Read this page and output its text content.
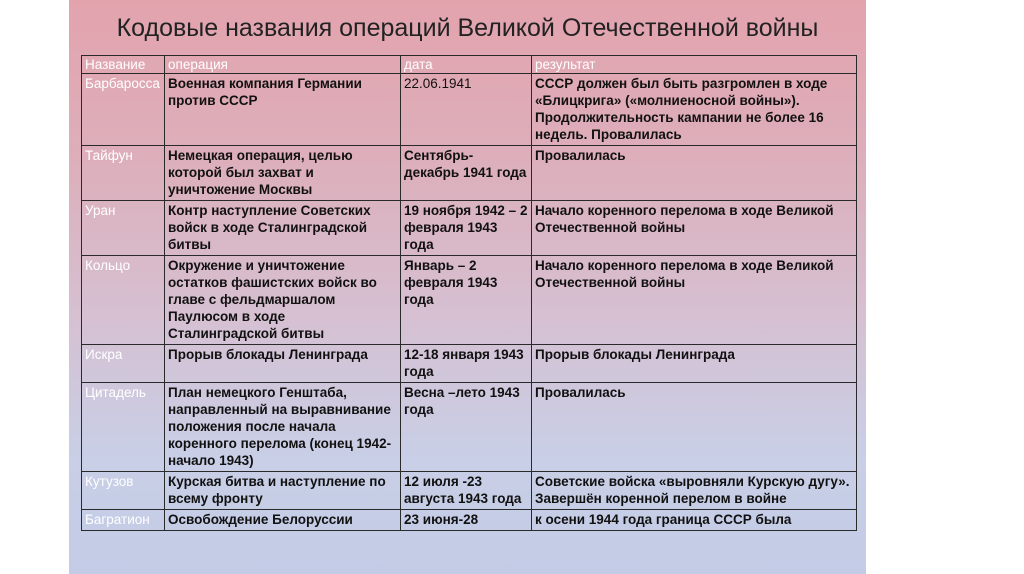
Кодовые названия операций Великой Отечественной войны
Название	операция	дата	результат
Барбаросса	Военная компания Германии против СССР	22.06.1941	СССР должен был быть разгромлен в ходе «Блицкрига» («молниеносной войны»). Продолжительность кампании не более 16 недель. Провалилась
Тайфун	Немецкая операция, целью которой был захват и уничтожение Москвы	Сентябрь- декабрь 1941 года	Провалилась
Уран	Контр наступление Советских войск в ходе Сталинградской битвы	19 ноября 1942 – 2 февраля 1943 года	Начало коренного перелома в ходе Великой Отечественной войны
Кольцо	Окружение и уничтожение остатков фашистских войск во главе с фельдмаршалом Паулюсом в ходе Сталинградской битвы	Январь – 2 февраля 1943 года	Начало коренного перелома в ходе Великой Отечественной войны
Искра	Прорыв блокады Ленинграда	12-18 января 1943 года	Прорыв блокады Ленинграда
Цитадель	План немецкого Генштаба, направленный на выравнивание положения после начала коренного перелома (конец 1942-начало 1943)	Весна –лето 1943 года	Провалилась
Кутузов	Курская битва и наступление по всему фронту	12 июля -23 августа 1943 года	Советские войска «выровняли Курскую дугу». Завершён коренной перелом в войне
Багратион	Освобождение Белоруссии	23 июня-28	к осени 1944 года граница СССР была
